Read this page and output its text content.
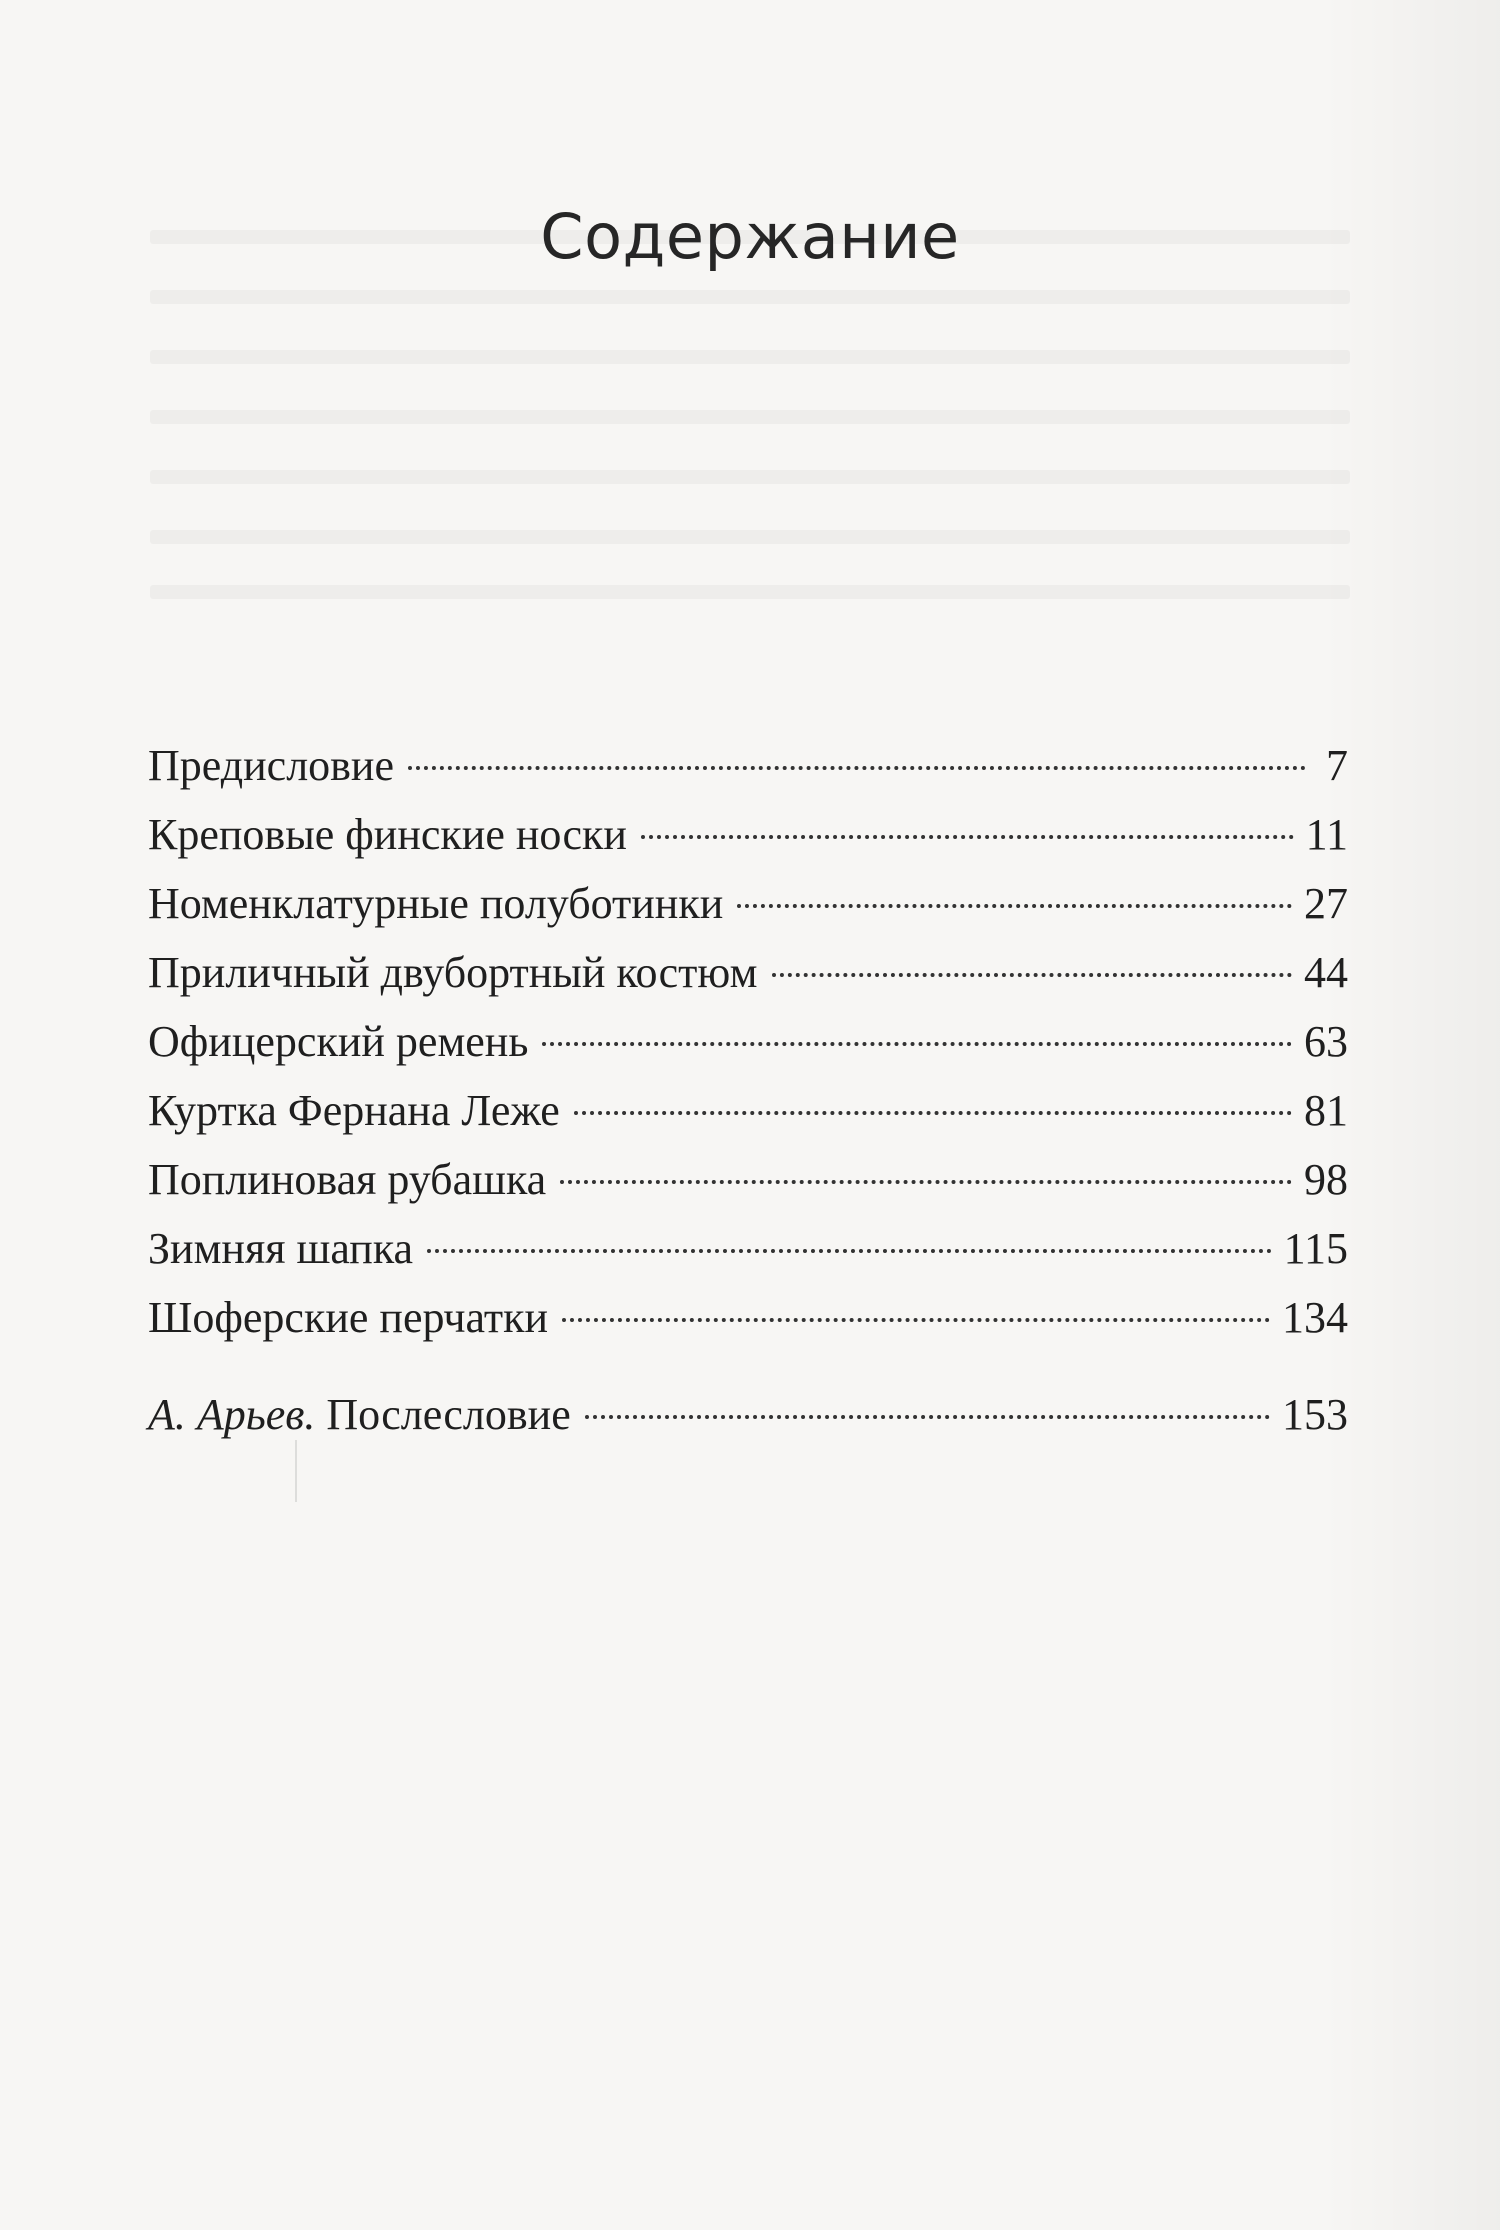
Содержание
Предисловие	7
Креповые финские носки	11
Номенклатурные полуботинки	27
Приличный двубортный костюм	44
Офицерский ремень	63
Куртка Фернана Леже	81
Поплиновая рубашка	98
Зимняя шапка	115
Шоферские перчатки	134
А. Арьев. Послесловие	153
